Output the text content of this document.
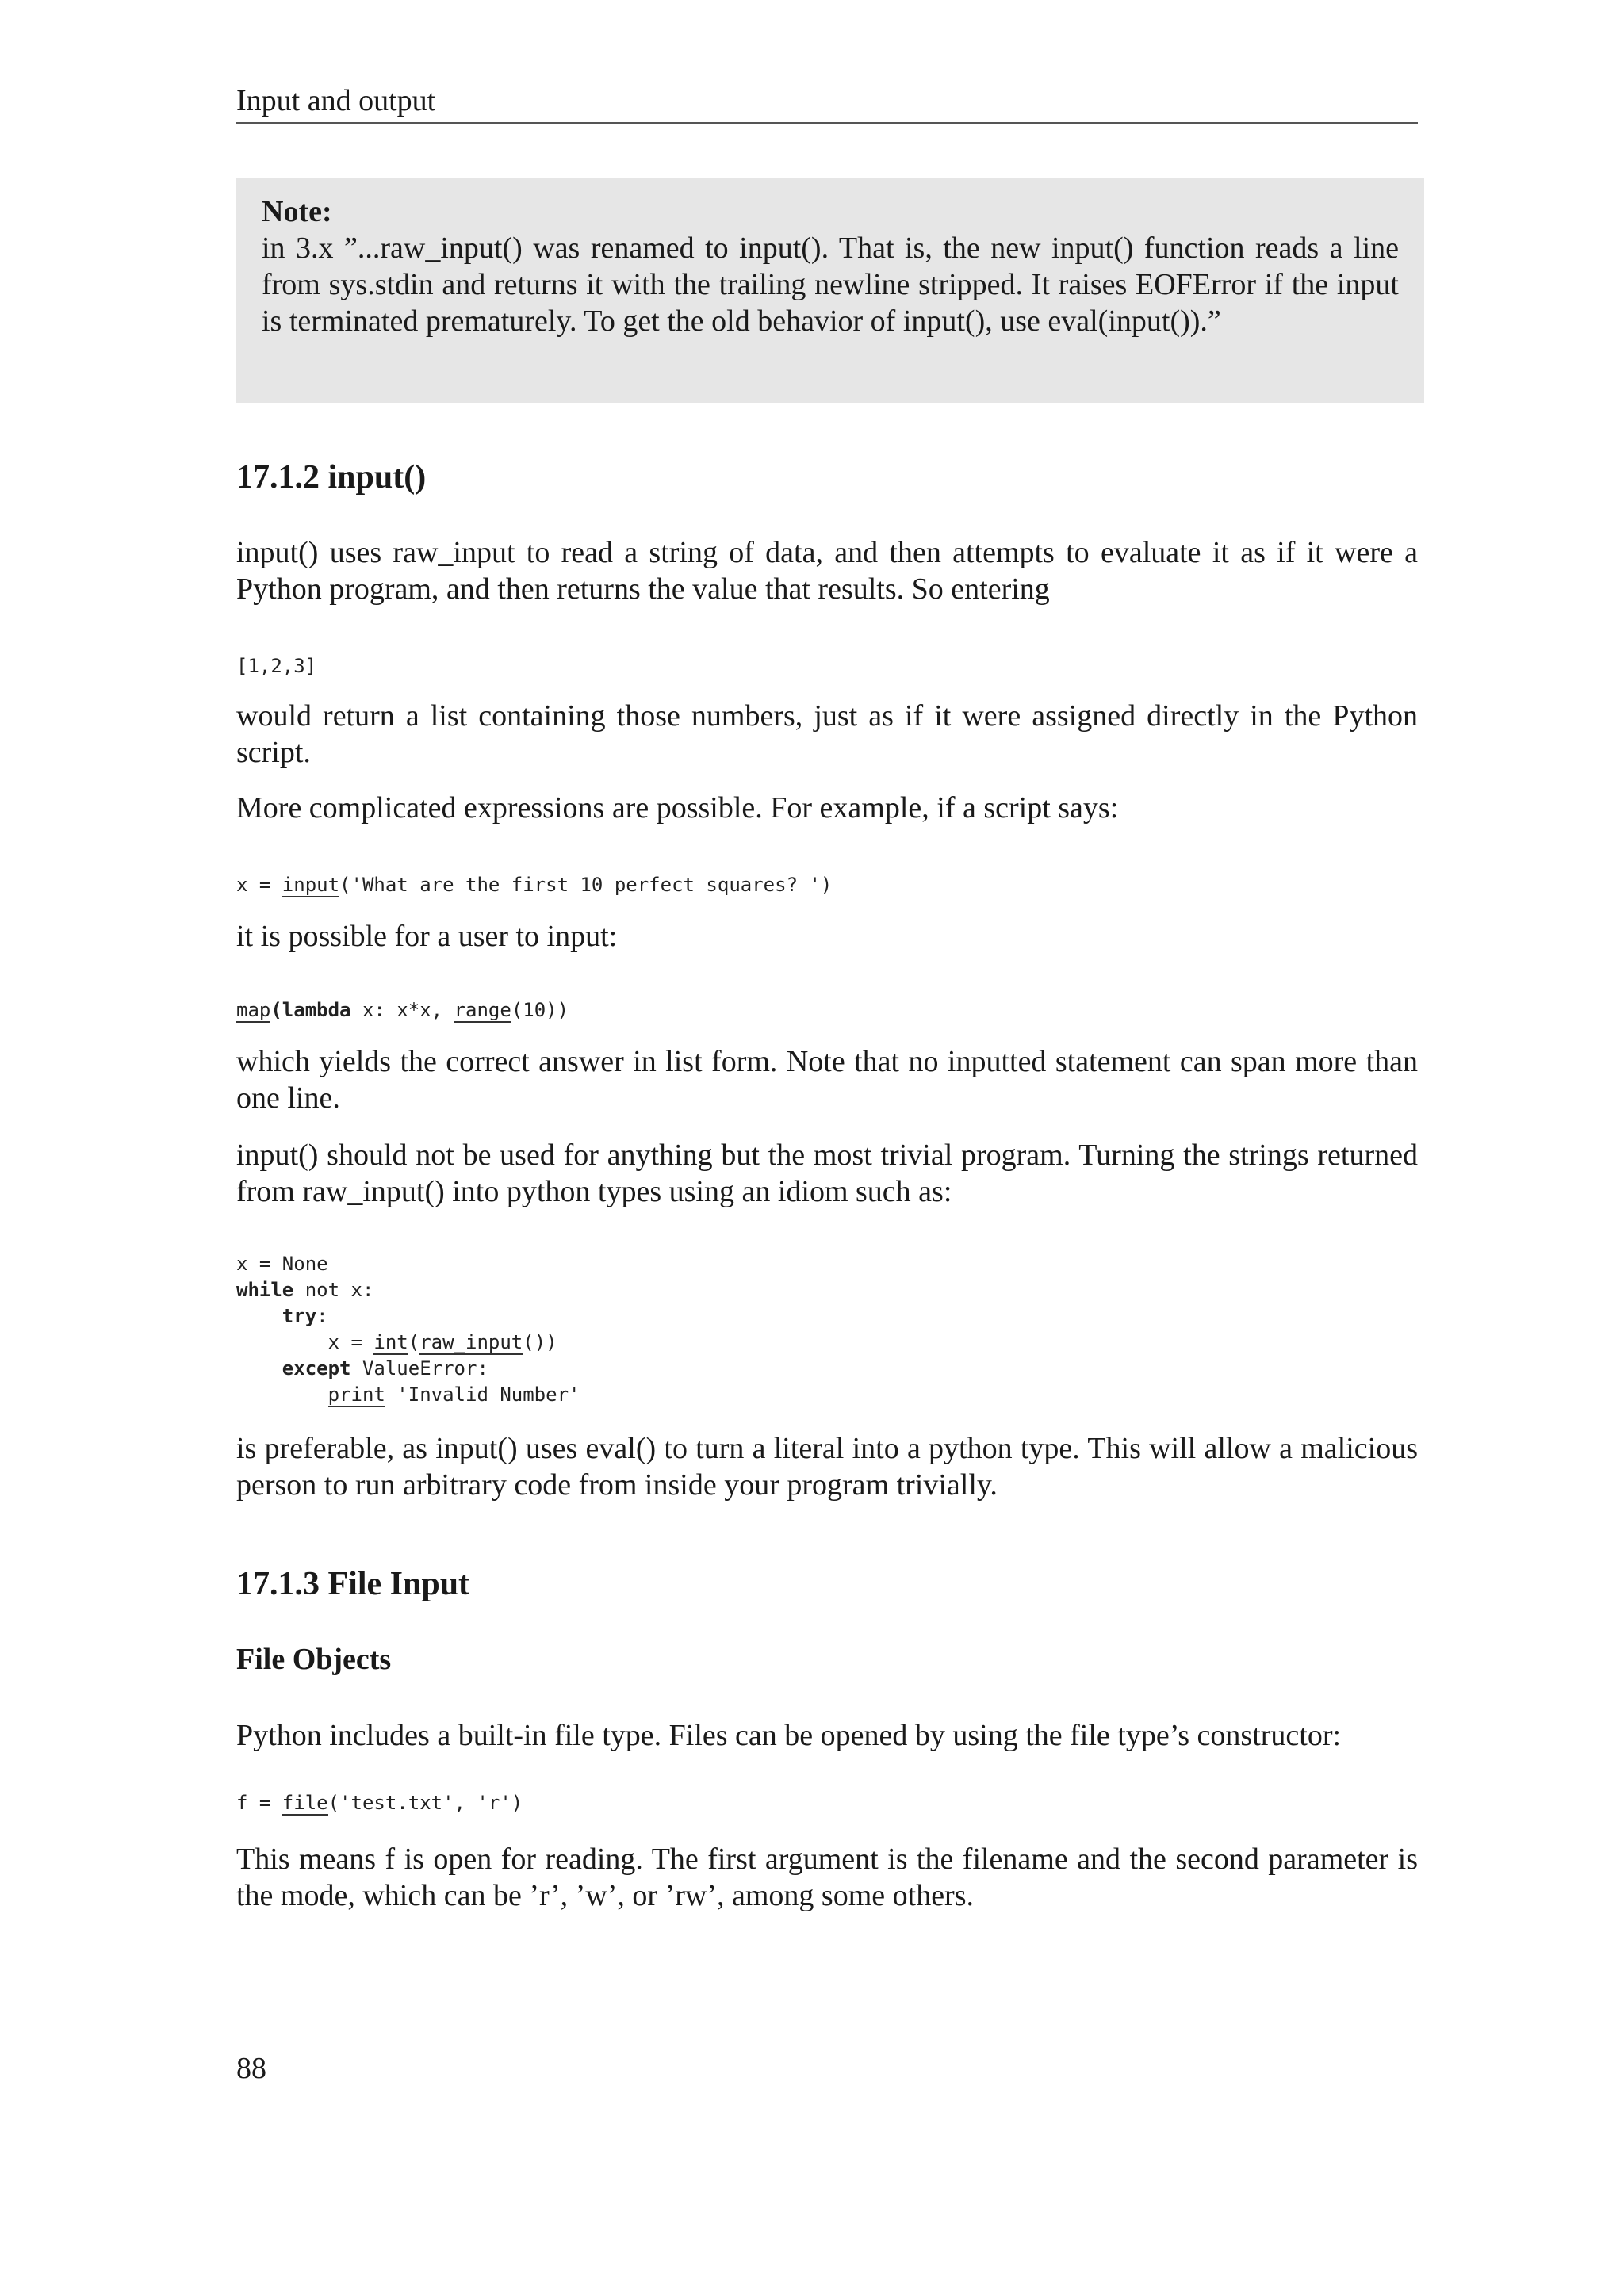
Input and output
Note:
in 3.x ”...raw_input() was renamed to input(). That is, the new input() function reads a line from sys.stdin and returns it with the trailing newline stripped. It raises EOFError if the input is terminated prematurely. To get the old behavior of input(), use eval(input()).”
17.1.2 input()

input() uses raw_input to read a string of data, and then attempts to evaluate it as if it were a Python program, and then returns the value that results. So entering

[1,2,3]

would return a list containing those numbers, just as if it were assigned directly in the Python script.

More complicated expressions are possible. For example, if a script says:

x = input('What are the first 10 perfect squares? ')

it is possible for a user to input:

map(lambda x: x*x, range(10))

which yields the correct answer in list form. Note that no inputted statement can span more than one line.

input() should not be used for anything but the most trivial program. Turning the strings returned from raw_input() into python types using an idiom such as:

x = None
while not x:
try:
x = int(raw_input())
except ValueError:
print 'Invalid Number'

is preferable, as input() uses eval() to turn a literal into a python type. This will allow a malicious person to run arbitrary code from inside your program trivially.

17.1.3 File Input
File Objects

Python includes a built-in file type. Files can be opened by using the file type’s constructor:

f = file('test.txt', 'r')

This means f is open for reading. The first argument is the filename and the second parameter is the mode, which can be ’r’, ’w’, or ’rw’, among some others.

88
